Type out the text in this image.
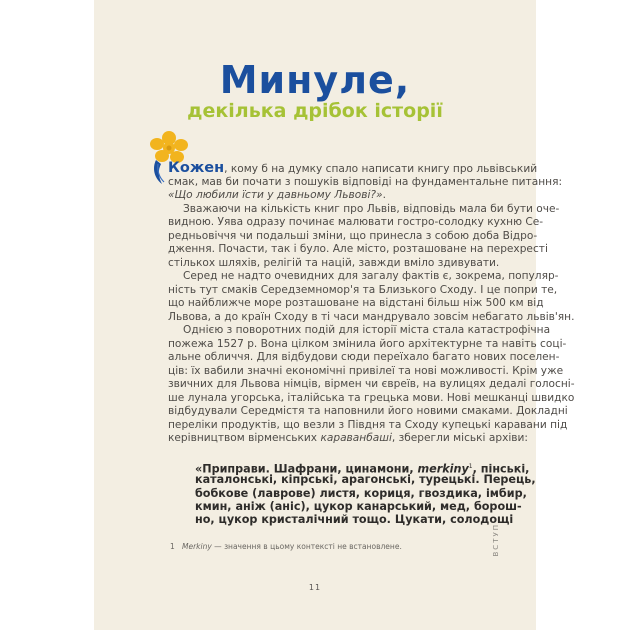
Минуле,
декілька дрібок історії
Кожен, кому б на думку спало написати книгу про львівський
смак, мав би почати з пошуків відповіді на фундаментальне питання:
«Що любили їсти у давньому Львові?».
Зважаючи на кількість книг про Львів, відповідь мала би бути оче-
видною. Уява одразу починає малювати гостро-солодку кухню Се-
редньовіччя чи подальші зміни, що принесла з собою доба Відро-
дження. Почасти, так і було. Але місто, розташоване на перехресті
стількох шляхів, релігій та націй, завжди вміло здивувати.
Серед не надто очевидних для загалу фактів є, зокрема, популяр-
ність тут смаків Середземномор'я та Близького Сходу. І це попри те,
що найближче море розташоване на відстані більш ніж 500 км від
Львова, а до країн Сходу в ті часи мандрувало зовсім небагато львів'ян.
Однією з поворотних подій для історії міста стала катастрофічна
пожежа 1527 р. Вона цілком змінила його архітектурне та навіть соці-
альне обличчя. Для відбудови сюди переїхало багато нових поселен-
ців: їх вабили значні економічні привілеї та нові можливості. Крім уже
звичних для Львова німців, вірмен чи євреїв, на вулицях дедалі голосні-
ше лунала угорська, італійська та грецька мови. Нові мешканці швидко
відбудували Середмістя та наповнили його новими смаками. Докладні
переліки продуктів, що везли з Півдня та Сходу купецькі каравани під
керівництвом вірменських караванбаші, зберегли міські архіви:
«Приправи. Шафрани, цинамони, merkiny$^1$, пінські,
каталонські, кіпрські, арагонські, турецькі. Перець,
бобкове (лаврове) листя, кориця, гвоздика, імбир,
кмин, аніж (аніс), цукор канарський, мед, борош-
но, цукор кристалічний тощо. Цукати, солодощі
1 Merkiny — значення в цьому контексті не встановлене.
11
ВСТУП
